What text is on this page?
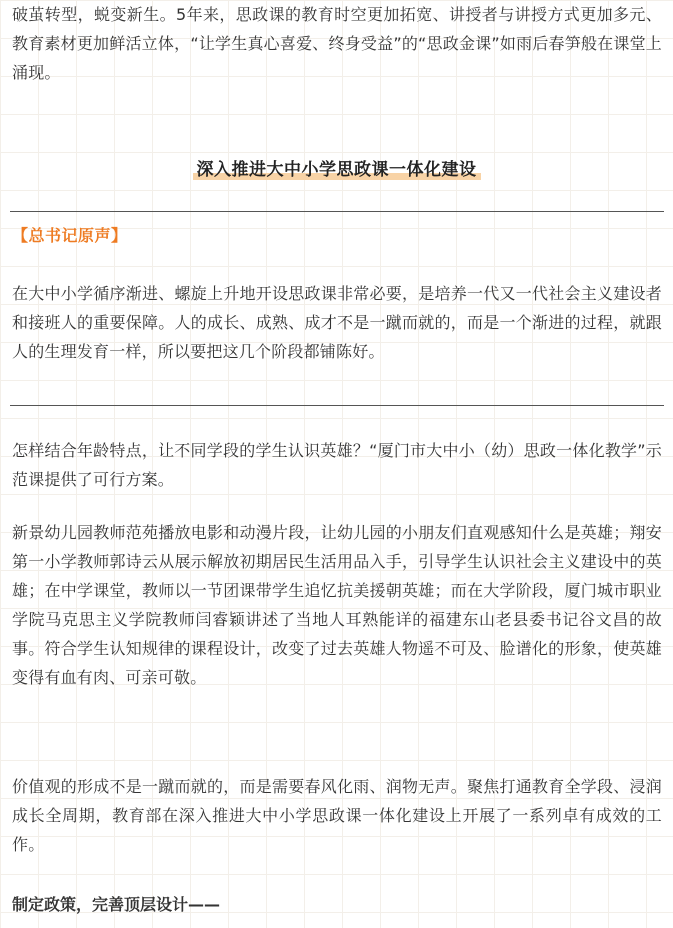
破茧转型，蜕变新生。5年来，思政课的教育时空更加拓宽、讲授者与讲授方式更加多元、教育素材更加鲜活立体，“让学生真心喜爱、终身受益”的“思政金课”如雨后春笋般在课堂上涌现。

深入推进大中小学思政课一体化建设
【总书记原声】

在大中小学循序渐进、螺旋上升地开设思政课非常必要，是培养一代又一代社会主义建设者和接班人的重要保障。人的成长、成熟、成才不是一蹴而就的，而是一个渐进的过程，就跟人的生理发育一样，所以要把这几个阶段都铺陈好。

怎样结合年龄特点，让不同学段的学生认识英雄？“厦门市大中小（幼）思政一体化教学”示范课提供了可行方案。

新景幼儿园教师范苑播放电影和动漫片段，让幼儿园的小朋友们直观感知什么是英雄；翔安第一小学教师郭诗云从展示解放初期居民生活用品入手，引导学生认识社会主义建设中的英雄；在中学课堂，教师以一节团课带学生追忆抗美援朝英雄；而在大学阶段，厦门城市职业学院马克思主义学院教师闫睿颖讲述了当地人耳熟能详的福建东山老县委书记谷文昌的故事。符合学生认知规律的课程设计，改变了过去英雄人物遥不可及、脸谱化的形象，使英雄变得有血有肉、可亲可敬。

价值观的形成不是一蹴而就的，而是需要春风化雨、润物无声。聚焦打通教育全学段、浸润成长全周期，教育部在深入推进大中小学思政课一体化建设上开展了一系列卓有成效的工作。

制定政策，完善顶层设计——
